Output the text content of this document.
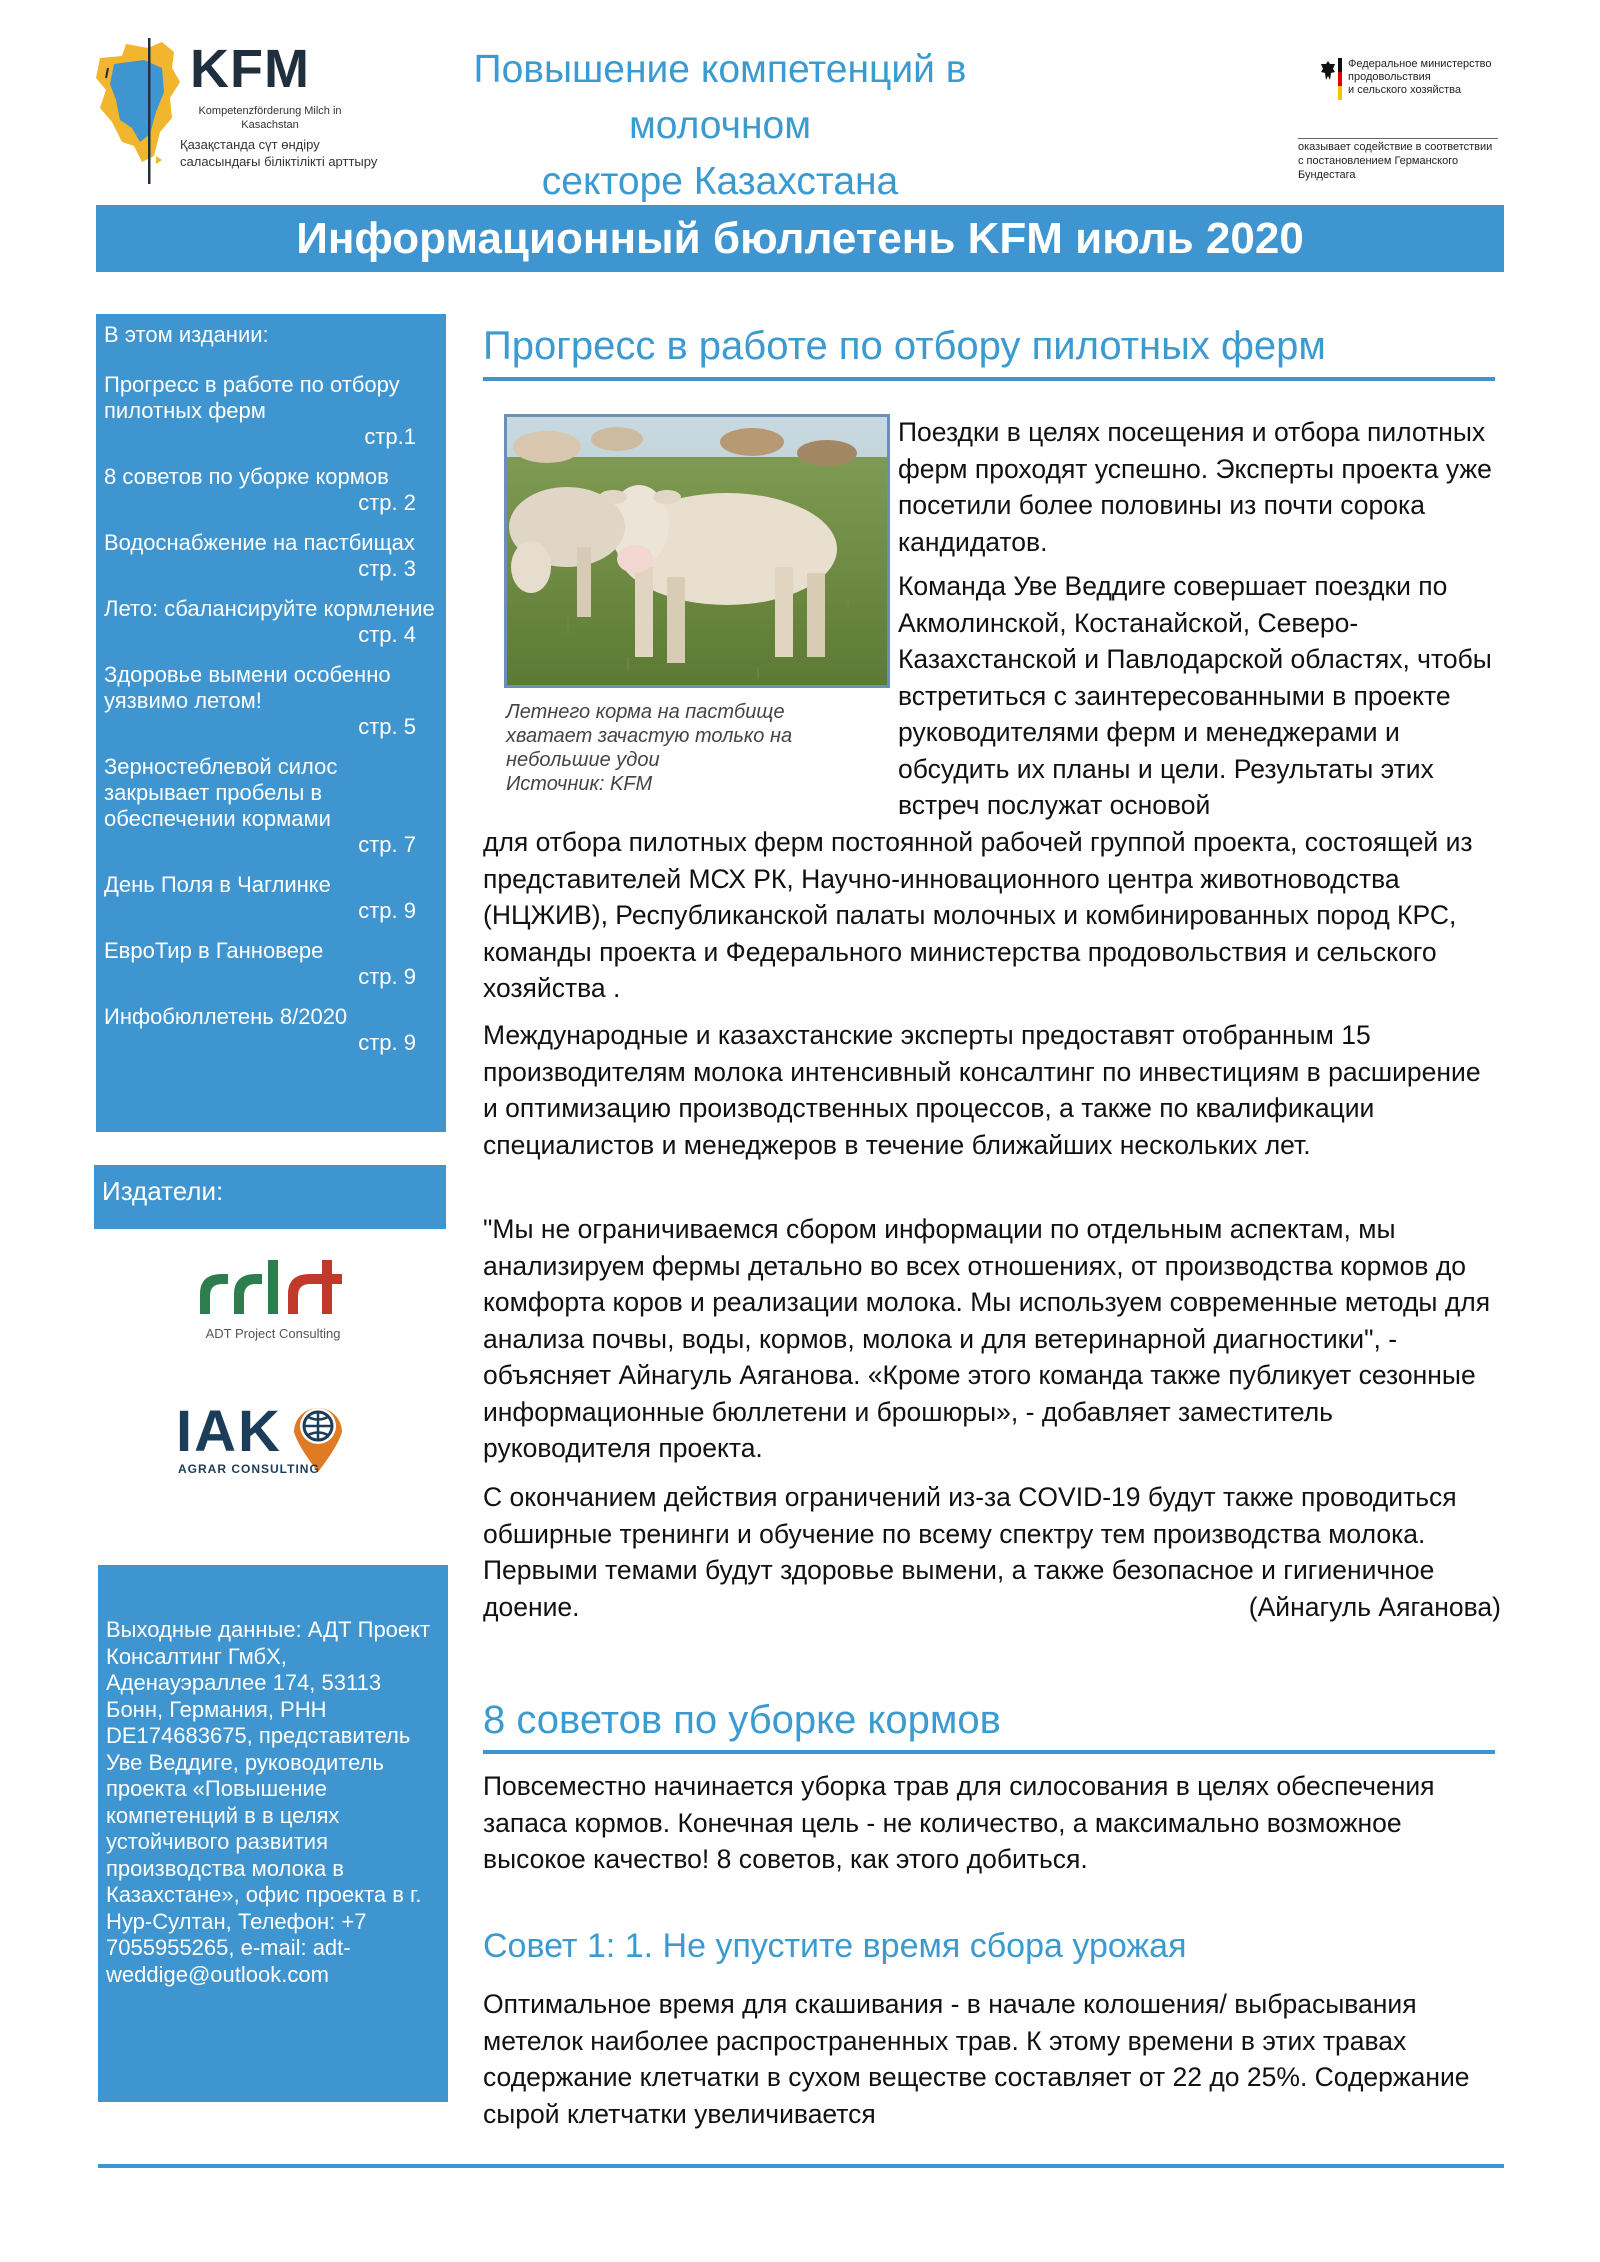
KFM
Kompetenzförderung Milch in Kasachstan
Қазақстанда сүт өндіру саласындағы біліктілікті арттыру
Повышение компетенций в молочном
секторе Казахстана
Федеральное министерство
продовольствия
и сельского хозяйства
оказывает содействие в соответствии
с постановлением Германского Бундестага
Информационный бюллетень KFM июль 2020
В этом издании:
Прогресс в работе по отбору пилотных ферм
стр.1
8 советов по уборке кормов
стр. 2
Водоснабжение на пастбищах
стр. 3
Лето: сбалансируйте кормление
стр. 4
Здоровье вымени особенно уязвимо летом!
стр. 5
Зерностеблевой силос закрывает пробелы в обеспечении кормами
стр. 7
День Поля в Чаглинке
стр. 9
ЕвроТир в Ганновере
стр. 9
Инфобюллетень 8/2020
стр. 9
Издатели:
ADT Project Consulting
IAK
AGRAR CONSULTING
Выходные данные: АДТ Проект Консалтинг ГмбХ, Аденауэраллее 174, 53113 Бонн, Германия, РНН DE174683675, представитель Уве Веддиге, руководитель проекта «Повышение компетенций в в целях устойчивого развития производства молока в Казахстане», офис проекта в г. Нур-Султан, Телефон: +7 7055955265, e-mail: adt-weddige@outlook.com
Прогресс в работе по отбору пилотных ферм
Летнего корма на пастбище
хватает зачастую только на
небольшие удои
Источник: KFM
Поездки в целях посещения и отбора пилотных ферм проходят успешно. Эксперты проекта уже посетили более половины из почти сорока кандидатов.
Команда Уве Веддиге совершает поездки по Акмолинской, Костанайской, Северо-Казахстанской и Павлодарской областях, чтобы встретиться с заинтересованными в проекте руководителями ферм и менеджерами и обсудить их планы и цели. Результаты этих встреч послужат основой
для отбора пилотных ферм постоянной рабочей группой проекта, состоящей из представителей МСХ РК, Научно-инновационного центра животноводства (НЦЖИВ), Республиканской палаты молочных и комбинированных пород КРС, команды проекта и Федерального министерства продовольствия и сельского хозяйства .
Международные и казахстанские эксперты предоставят отобранным 15 производителям молока интенсивный консалтинг по инвестициям в расширение и оптимизацию производственных процессов, а также по квалификации специалистов и менеджеров в течение ближайших нескольких лет.
"Мы не ограничиваемся сбором информации по отдельным аспектам, мы анализируем фермы детально во всех отношениях, от производства кормов до комфорта коров и реализации молока. Мы используем современные методы для анализа почвы, воды, кормов, молока и для ветеринарной диагностики", - объясняет Айнагуль Аяганова. «Кроме этого команда также публикует сезонные информационные бюллетени и брошюры», - добавляет заместитель руководителя проекта.
С окончанием действия ограничений из-за COVID-19 будут также проводиться обширные тренинги и обучение по всему спектру тем производства молока. Первыми темами будут здоровье вымени, а также безопасное и гигиеничное доение.	(Айнагуль Аяганова)
8 советов по уборке кормов
Повсеместно начинается уборка трав для силосования в целях обеспечения запаса кормов. Конечная цель - не количество, а максимально возможное высокое качество! 8 советов, как этого добиться.
Совет 1: 1. Не упустите время сбора урожая
Оптимальное время для скашивания - в начале колошения/ выбрасывания метелок наиболее распространенных трав. К этому времени в этих травах содержание клетчатки в сухом веществе составляет от 22 до 25%. Содержание сырой клетчатки увеличивается
